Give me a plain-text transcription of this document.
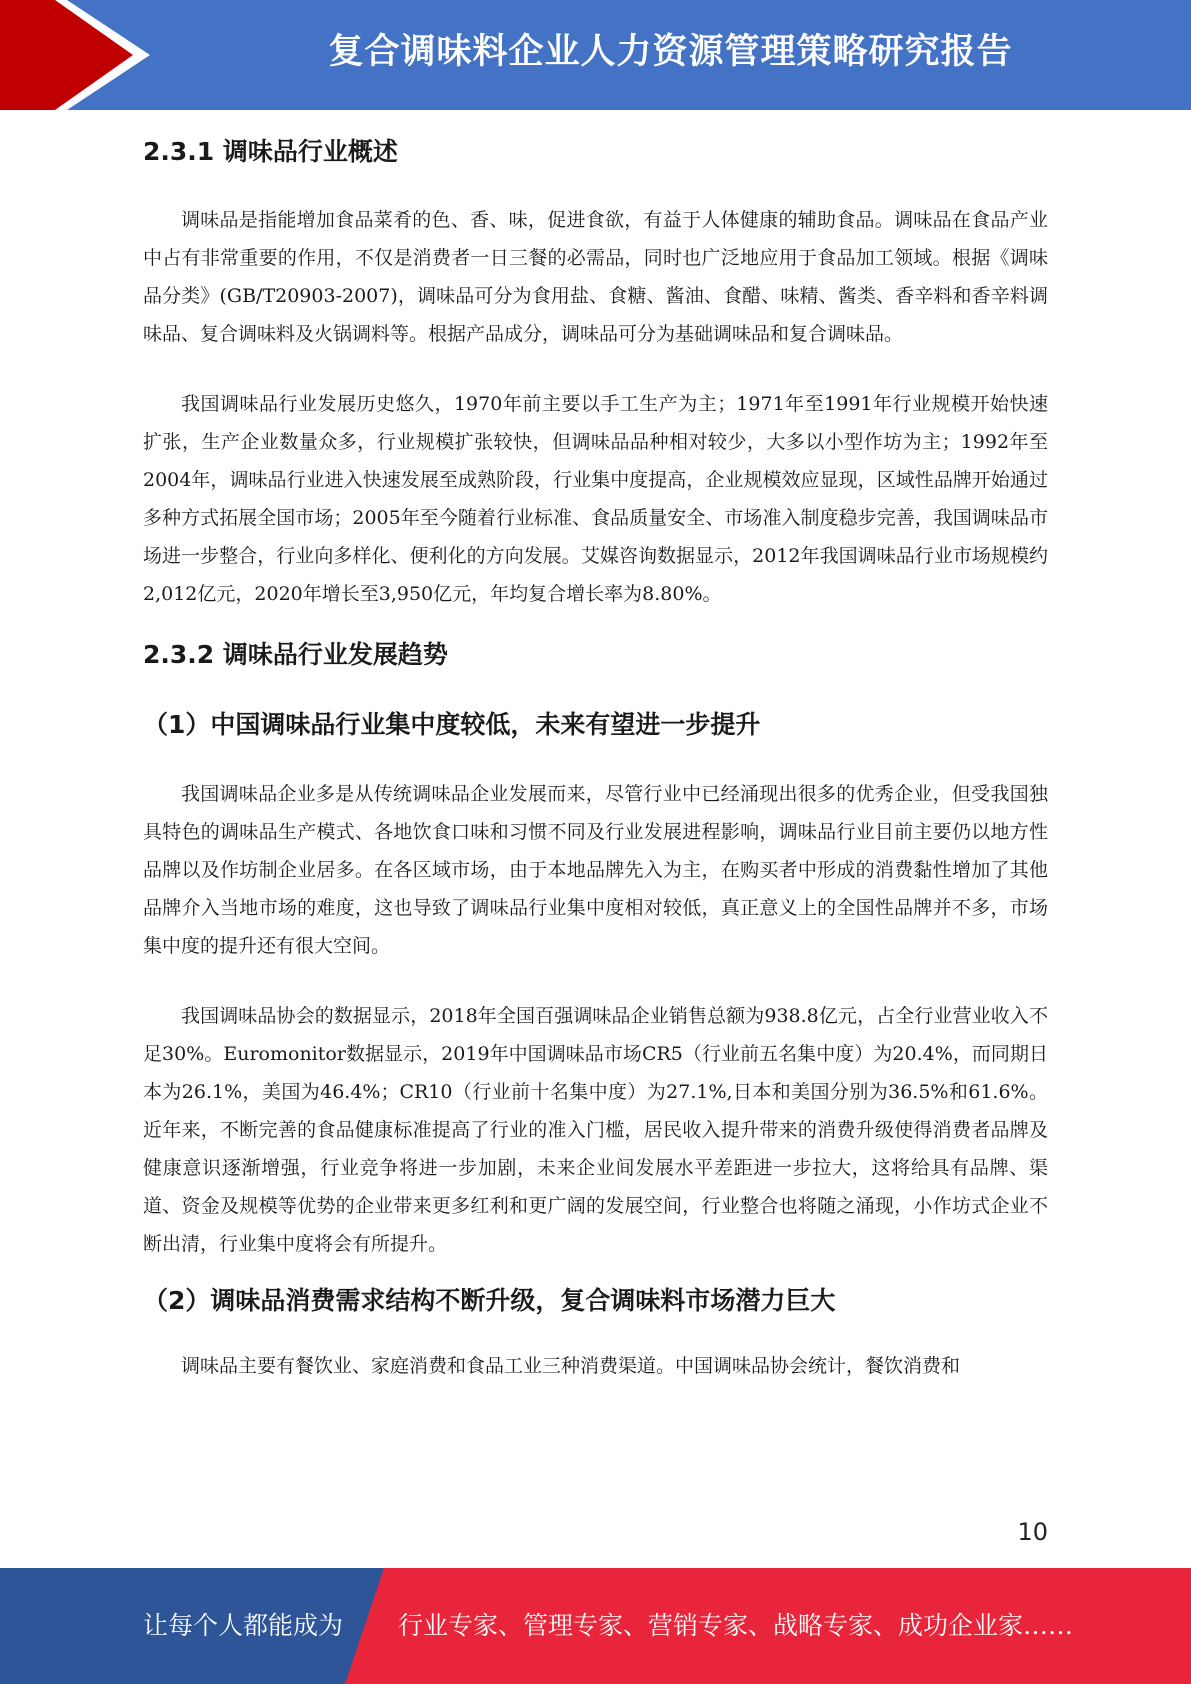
复合调味料企业人力资源管理策略研究报告
2.3.1 调味品行业概述

调味品是指能增加食品菜肴的色、香、味，促进食欲，有益于人体健康的辅助食品。调味品在食品产业中占有非常重要的作用，不仅是消费者一日三餐的必需品，同时也广泛地应用于食品加工领域。根据《调味品分类》(GB/T20903-2007)，调味品可分为食用盐、食糖、酱油、食醋、味精、酱类、香辛料和香辛料调味品、复合调味料及火锅调料等。根据产品成分，调味品可分为基础调味品和复合调味品。

我国调味品行业发展历史悠久，1970年前主要以手工生产为主；1971年至1991年行业规模开始快速扩张，生产企业数量众多，行业规模扩张较快，但调味品品种相对较少，大多以小型作坊为主；1992年至2004年，调味品行业进入快速发展至成熟阶段，行业集中度提高，企业规模效应显现，区域性品牌开始通过多种方式拓展全国市场；2005年至今随着行业标准、食品质量安全、市场准入制度稳步完善，我国调味品市场进一步整合，行业向多样化、便利化的方向发展。艾媒咨询数据显示，2012年我国调味品行业市场规模约2,012亿元，2020年增长至3,950亿元，年均复合增长率为8.80%。

2.3.2 调味品行业发展趋势
（1）中国调味品行业集中度较低，未来有望进一步提升

我国调味品企业多是从传统调味品企业发展而来，尽管行业中已经涌现出很多的优秀企业，但受我国独具特色的调味品生产模式、各地饮食口味和习惯不同及行业发展进程影响，调味品行业目前主要仍以地方性品牌以及作坊制企业居多。在各区域市场，由于本地品牌先入为主，在购买者中形成的消费黏性增加了其他品牌介入当地市场的难度，这也导致了调味品行业集中度相对较低，真正意义上的全国性品牌并不多，市场集中度的提升还有很大空间。

我国调味品协会的数据显示，2018年全国百强调味品企业销售总额为938.8亿元，占全行业营业收入不足30%。Euromonitor数据显示，2019年中国调味品市场CR5（行业前五名集中度）为20.4%，而同期日本为26.1%，美国为46.4%；CR10（行业前十名集中度）为27.1%,日本和美国分别为36.5%和61.6%。近年来，不断完善的食品健康标准提高了行业的准入门槛，居民收入提升带来的消费升级使得消费者品牌及健康意识逐渐增强，行业竞争将进一步加剧，未来企业间发展水平差距进一步拉大，这将给具有品牌、渠道、资金及规模等优势的企业带来更多红利和更广阔的发展空间，行业整合也将随之涌现，小作坊式企业不断出清，行业集中度将会有所提升。

（2）调味品消费需求结构不断升级，复合调味料市场潜力巨大

调味品主要有餐饮业、家庭消费和食品工业三种消费渠道。中国调味品协会统计，餐饮消费和

10
让每个人都能成为 行业专家、管理专家、营销专家、战略专家、成功企业家……
